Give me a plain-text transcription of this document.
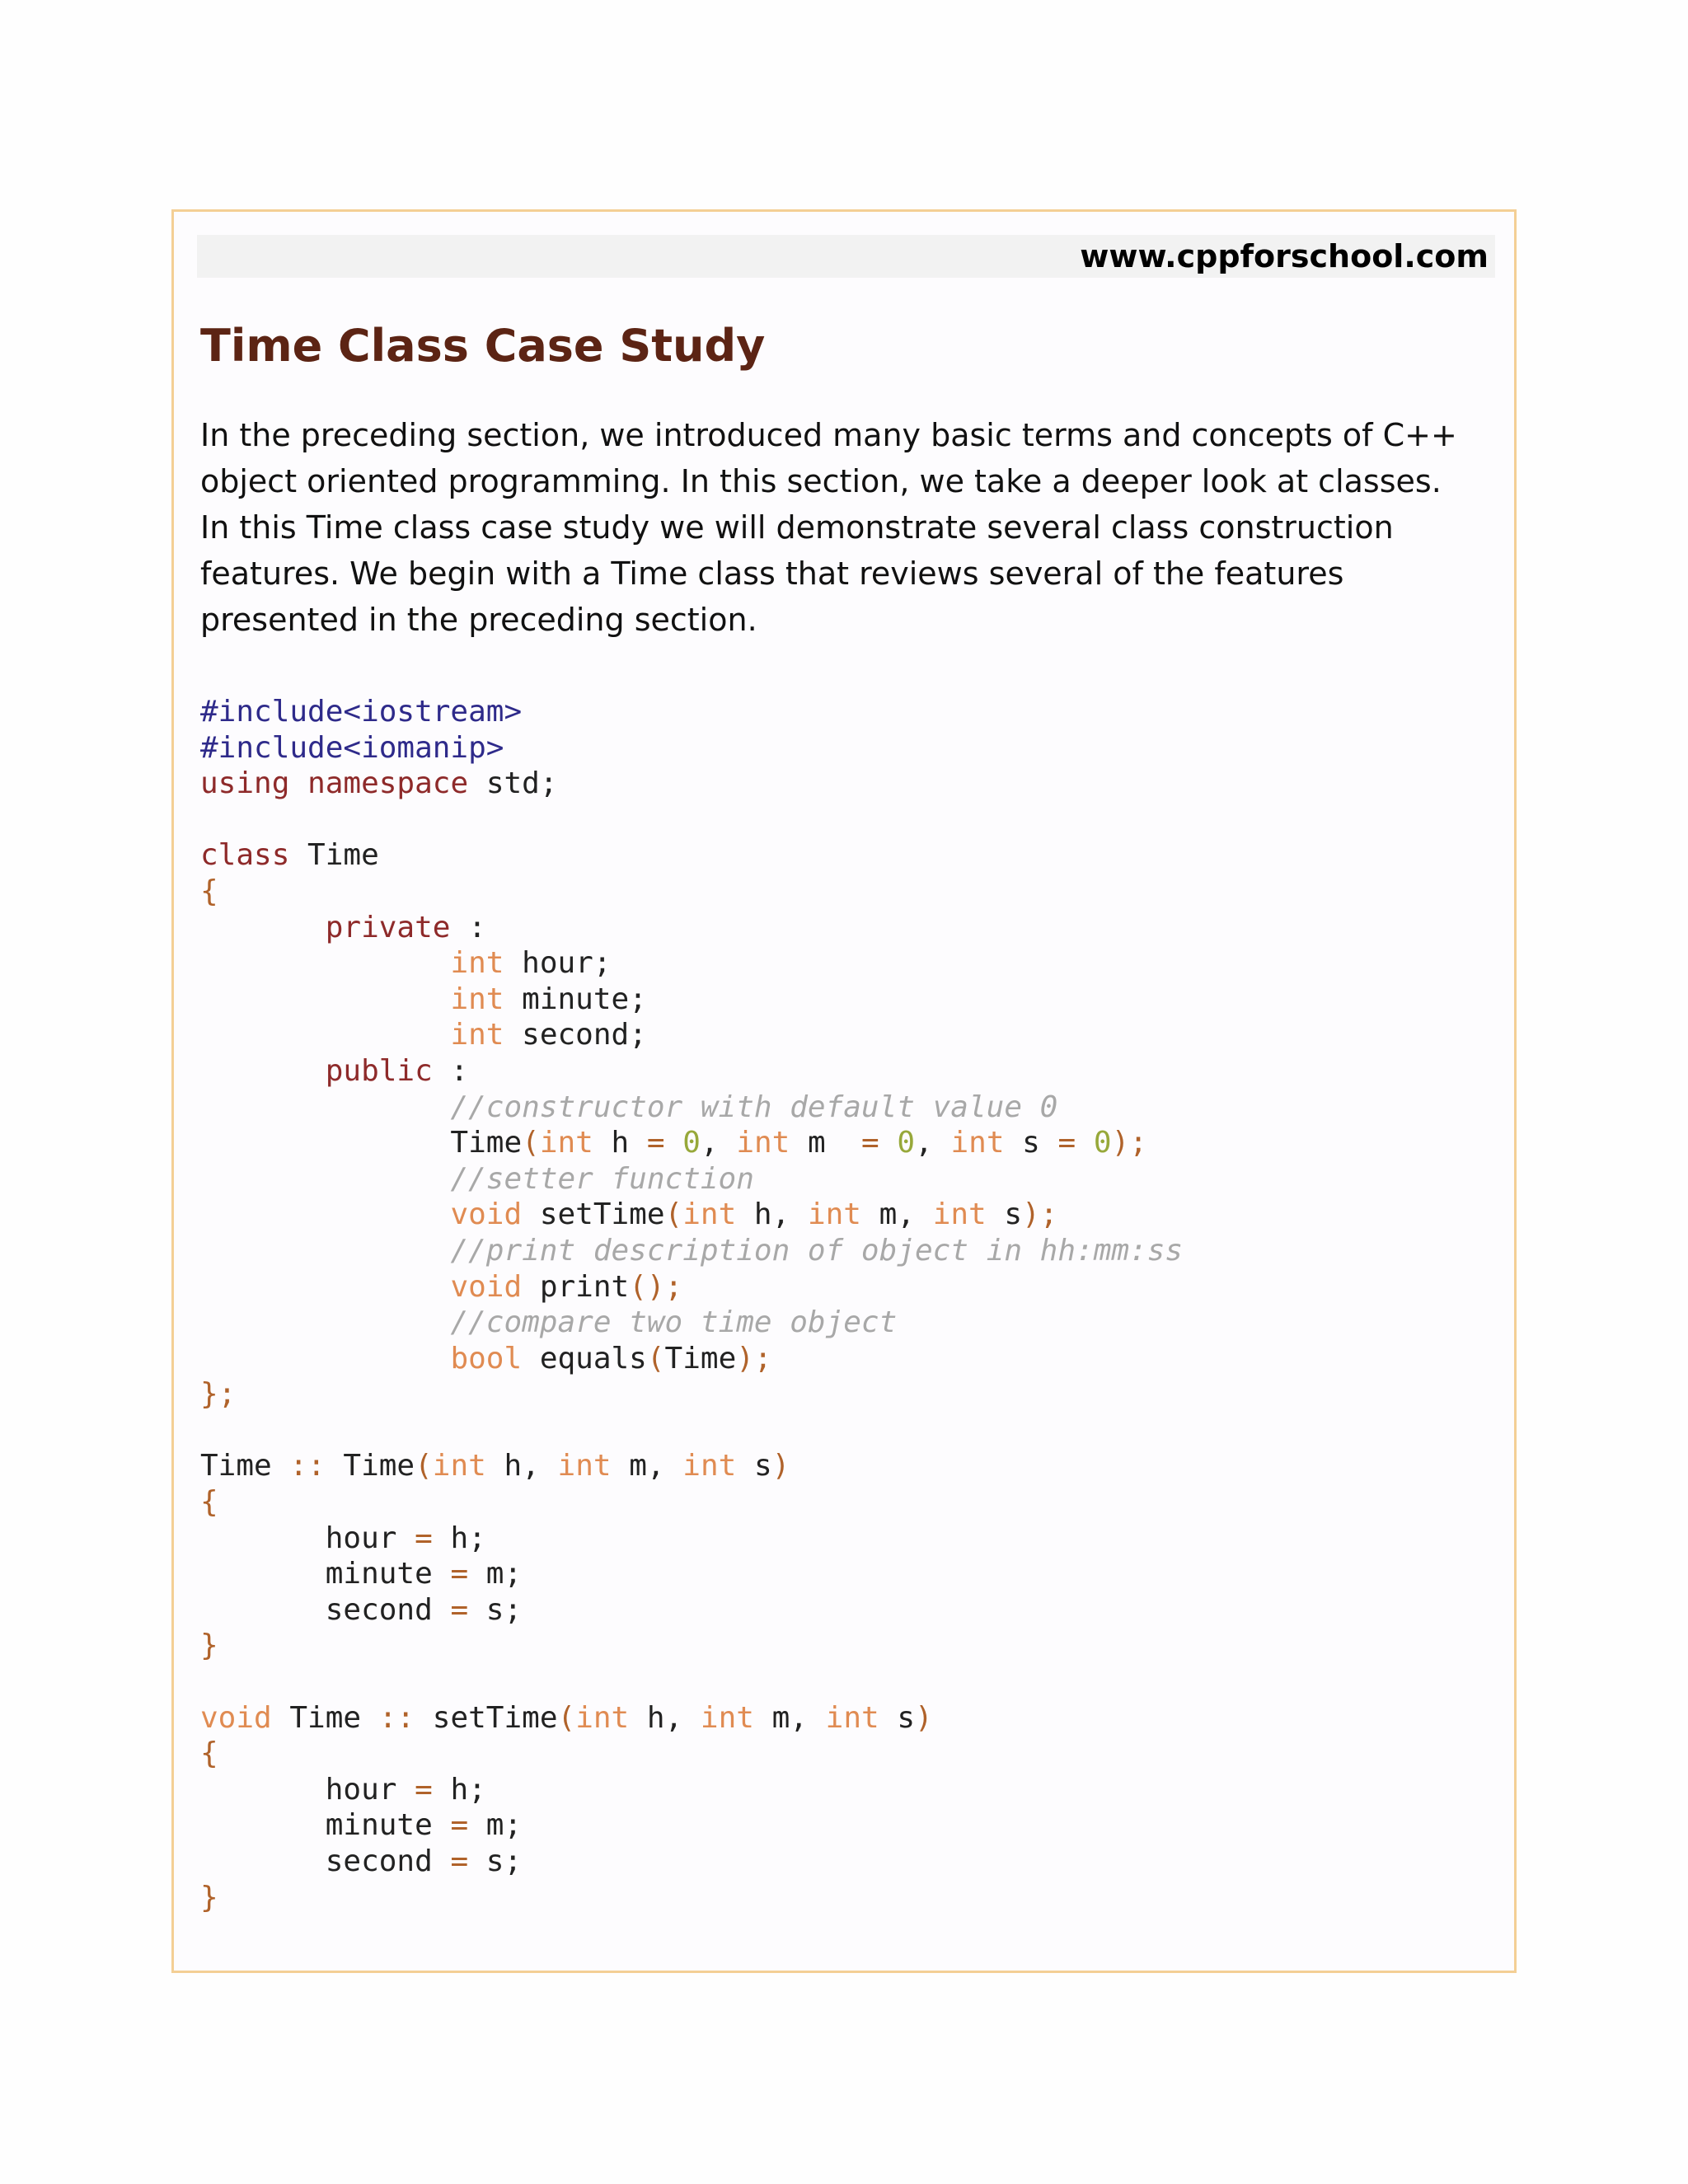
www.cppforschool.com
Time Class Case Study
In the preceding section, we introduced many basic terms and concepts of C++
object oriented programming. In this section, we take a deeper look at classes.
In this Time class case study we will demonstrate several class construction
features. We begin with a Time class that reviews several of the features
presented in the preceding section.
#include<iostream>
#include<iomanip>
using namespace std;

class Time
{
private :
int hour;
int minute;
int second;
public :
//constructor with default value 0
Time(int h = 0, int m  = 0, int s = 0);
//setter function
void setTime(int h, int m, int s);
//print description of object in hh:mm:ss
void print();
//compare two time object
bool equals(Time);
};

Time :: Time(int h, int m, int s)
{
hour = h;
minute = m;
second = s;
}

void Time :: setTime(int h, int m, int s)
{
hour = h;
minute = m;
second = s;
}
